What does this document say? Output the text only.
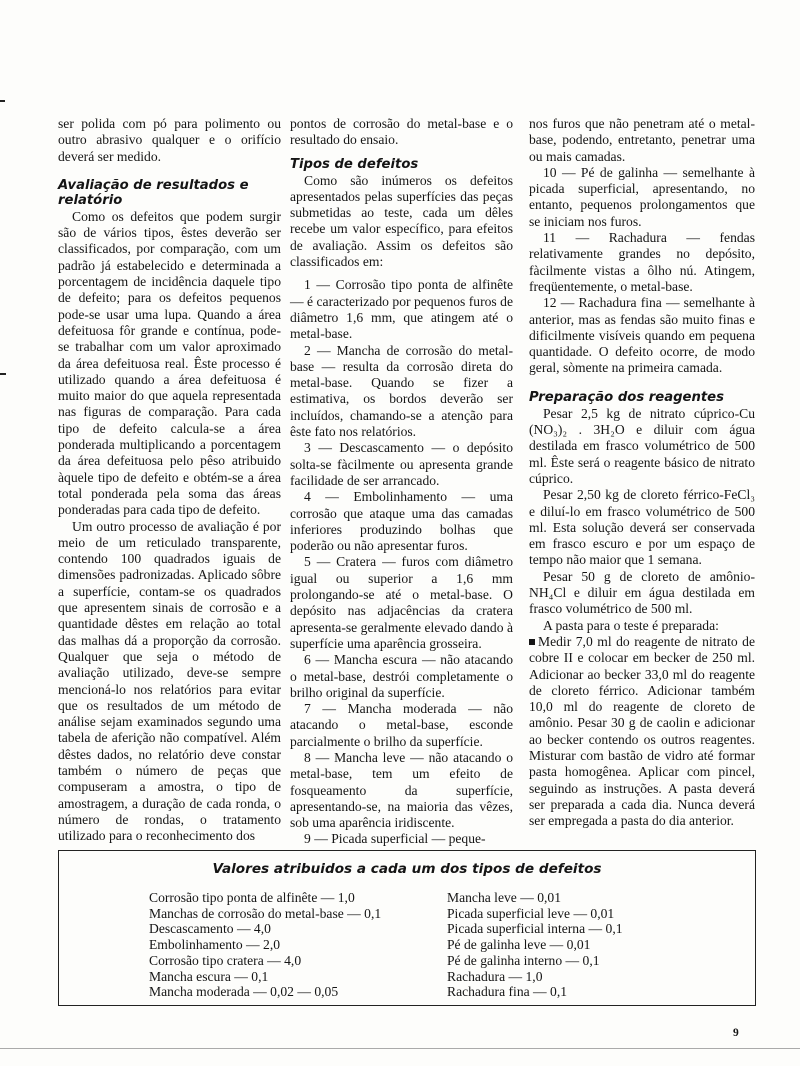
ser polida com pó para polimento ou outro abrasivo qualquer e o orifício deverá ser medido.

Avaliação de resultados e relatório

Como os defeitos que podem surgir são de vários tipos, êstes deverão ser classificados, por comparação, com um padrão já estabelecido e determinada a porcentagem de incidência daquele tipo de defeito; para os defeitos pequenos pode-se usar uma lupa. Quando a área defeituosa fôr grande e contínua, pode-se trabalhar com um valor aproximado da área defeituosa real. Êste processo é utilizado quando a área defeituosa é muito maior do que aquela representada nas figuras de comparação. Para cada tipo de defeito calcula-se a área ponderada multiplicando a porcentagem da área defeituosa pelo pêso atribuido àquele tipo de defeito e obtém-se a área total ponderada pela soma das áreas ponderadas para cada tipo de defeito.

Um outro processo de avaliação é por meio de um reticulado transparente, contendo 100 quadrados iguais de dimensões padronizadas. Aplicado sôbre a superfície, contam-se os quadrados que apresentem sinais de corrosão e a quantidade dêstes em relação ao total das malhas dá a proporção da corrosão. Qualquer que seja o método de avaliação utilizado, deve-se sempre mencioná-lo nos relatórios para evitar que os resultados de um método de análise sejam examinados segundo uma tabela de aferição não compatível. Além dêstes dados, no relatório deve constar também o número de peças que compuseram a amostra, o tipo de amostragem, a duração de cada ronda, o número de rondas, o tratamento utilizado para o reconhecimento dos

pontos de corrosão do metal-base e o resultado do ensaio.

Tipos de defeitos

Como são inúmeros os defeitos apresentados pelas superfícies das peças submetidas ao teste, cada um dêles recebe um valor específico, para efeitos de avaliação. Assim os defeitos são classificados em:

1 — Corrosão tipo ponta de alfinête — é caracterizado por pequenos furos de diâmetro 1,6 mm, que atingem até o metal-base.

2 — Mancha de corrosão do metal-base — resulta da corrosão direta do metal-base. Quando se fizer a estimativa, os bordos deverão ser incluídos, chamando-se a atenção para êste fato nos relatórios.

3 — Descascamento — o depósito solta-se fàcilmente ou apresenta grande facilidade de ser arrancado.

4 — Embolinhamento — uma corrosão que ataque uma das camadas inferiores produzindo bolhas que poderão ou não apresentar furos.

5 — Cratera — furos com diâmetro igual ou superior a 1,6 mm prolongando-se até o metal-base. O depósito nas adjacências da cratera apresenta-se geralmente elevado dando à superfície uma aparência grosseira.

6 — Mancha escura — não atacando o metal-base, destrói completamente o brilho original da superfície.

7 — Mancha moderada — não atacando o metal-base, esconde parcialmente o brilho da superfície.

8 — Mancha leve — não atacando o metal-base, tem um efeito de fosqueamento da superfície, apresentando-se, na maioria das vêzes, sob uma aparência iridiscente.

9 — Picada superficial — peque-

nos furos que não penetram até o metal-base, podendo, entretanto, penetrar uma ou mais camadas.

10 — Pé de galinha — semelhante à picada superficial, apresentando, no entanto, pequenos prolongamentos que se iniciam nos furos.

11 — Rachadura — fendas relativamente grandes no depósito, fàcilmente vistas a ôlho nú. Atingem, freqüentemente, o metal-base.

12 — Rachadura fina — semelhante à anterior, mas as fendas são muito finas e dificilmente visíveis quando em pequena quantidade. O defeito ocorre, de modo geral, sòmente na primeira camada.

Preparação dos reagentes

Pesar 2,5 kg de nitrato cúprico-Cu (NO₃)₂ . 3H₂O e diluir com água destilada em frasco volumétrico de 500 ml. Êste será o reagente básico de nitrato cúprico.

Pesar 2,50 kg de cloreto férrico-FeCl₃ e diluí-lo em frasco volumétrico de 500 ml. Esta solução deverá ser conservada em frasco escuro e por um espaço de tempo não maior que 1 semana.

Pesar 50 g de cloreto de amônio-NH₄Cl e diluir em água destilada em frasco volumétrico de 500 ml.

A pasta para o teste é preparada:

Medir 7,0 ml do reagente de nitrato de cobre II e colocar em becker de 250 ml. Adicionar ao becker 33,0 ml do reagente de cloreto férrico. Adicionar também 10,0 ml do reagente de cloreto de amônio. Pesar 30 g de caolin e adicionar ao becker contendo os outros reagentes. Misturar com bastão de vidro até formar pasta homogênea. Aplicar com pincel, seguindo as instruções. A pasta deverá ser preparada a cada dia. Nunca deverá ser empregada a pasta do dia anterior.

Valores atribuidos a cada um dos tipos de defeitos
Corrosão tipo ponta de alfinête — 1,0
Manchas de corrosão do metal-base — 0,1
Descascamento — 4,0
Embolinhamento — 2,0
Corrosão tipo cratera — 4,0
Mancha escura — 0,1
Mancha moderada — 0,02 — 0,05
Mancha leve — 0,01
Picada superficial leve — 0,01
Picada superficial interna — 0,1
Pé de galinha leve — 0,01
Pé de galinha interno — 0,1
Rachadura — 1,0
Rachadura fina — 0,1
9
